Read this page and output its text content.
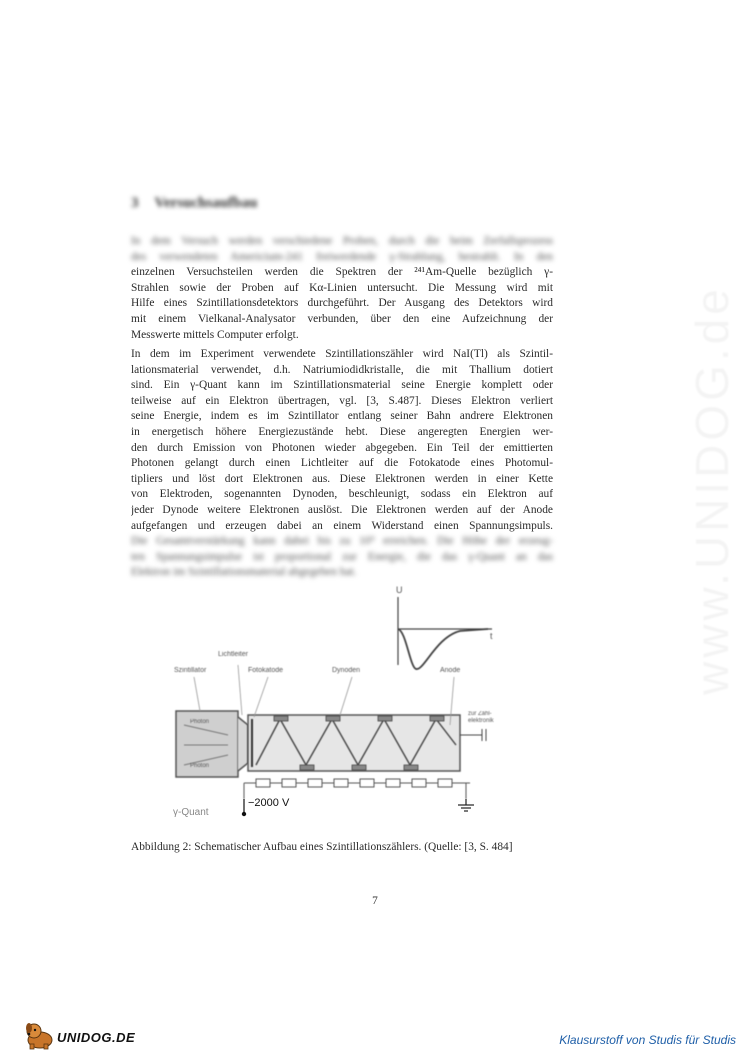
3 Versuchsaufbau
In dem Versuch werden verschiedene Proben, durch die beim Zerfallsprozess
des verwendeten Americium-241 freiwerdende γ-Strahlung, bestrahlt. In den
einzelnen Versuchsteilen werden die Spektren der ²⁴¹Am-Quelle bezüglich γ-
Strahlen sowie der Proben auf Kα-Linien untersucht. Die Messung wird mit
Hilfe eines Szintillationsdetektors durchgeführt. Der Ausgang des Detektors wird
mit einem Vielkanal-Analysator verbunden, über den eine Aufzeichnung der
Messwerte mittels Computer erfolgt.
In dem im Experiment verwendete Szintillationszähler wird NaI(Tl) als Szintil-
lationsmaterial verwendet, d.h. Natriumiodidkristalle, die mit Thallium dotiert
sind. Ein γ-Quant kann im Szintillationsmaterial seine Energie komplett oder
teilweise auf ein Elektron übertragen, vgl. [3, S.487]. Dieses Elektron verliert
seine Energie, indem es im Szintillator entlang seiner Bahn andrere Elektronen
in energetisch höhere Energiezustände hebt. Diese angeregten Energien wer-
den durch Emission von Photonen wieder abgegeben. Ein Teil der emittierten
Photonen gelangt durch einen Lichtleiter auf die Fotokatode eines Photomul-
tipliers und löst dort Elektronen aus. Diese Elektronen werden in einer Kette
von Elektroden, sogenannten Dynoden, beschleunigt, sodass ein Elektron auf
jeder Dynode weitere Elektronen auslöst. Die Elektronen werden auf der Anode
aufgefangen und erzeugen dabei an einem Widerstand einen Spannungsimpuls.
Die Gesamtverstärkung kann dabei bis zu 10⁹ erreichen. Die Höhe der erzeug-
ten Spannungsimpulse ist proportional zur Energie, die das γ-Quant an das
Elektron im Szintillationsmaterial abgegeben hat.
U
t
Lichtleiter
Szintillator	Fotokatode	Dynoden	Anode
Photon
Photon
zur Zähl-
elektronik
−2000 V
γ-Quant
Abbildung 2: Schematischer Aufbau eines Szintillationszählers. (Quelle: [3, S. 484]
7
UNIDOG.DE	Klausurstoff von Studis für Studis
